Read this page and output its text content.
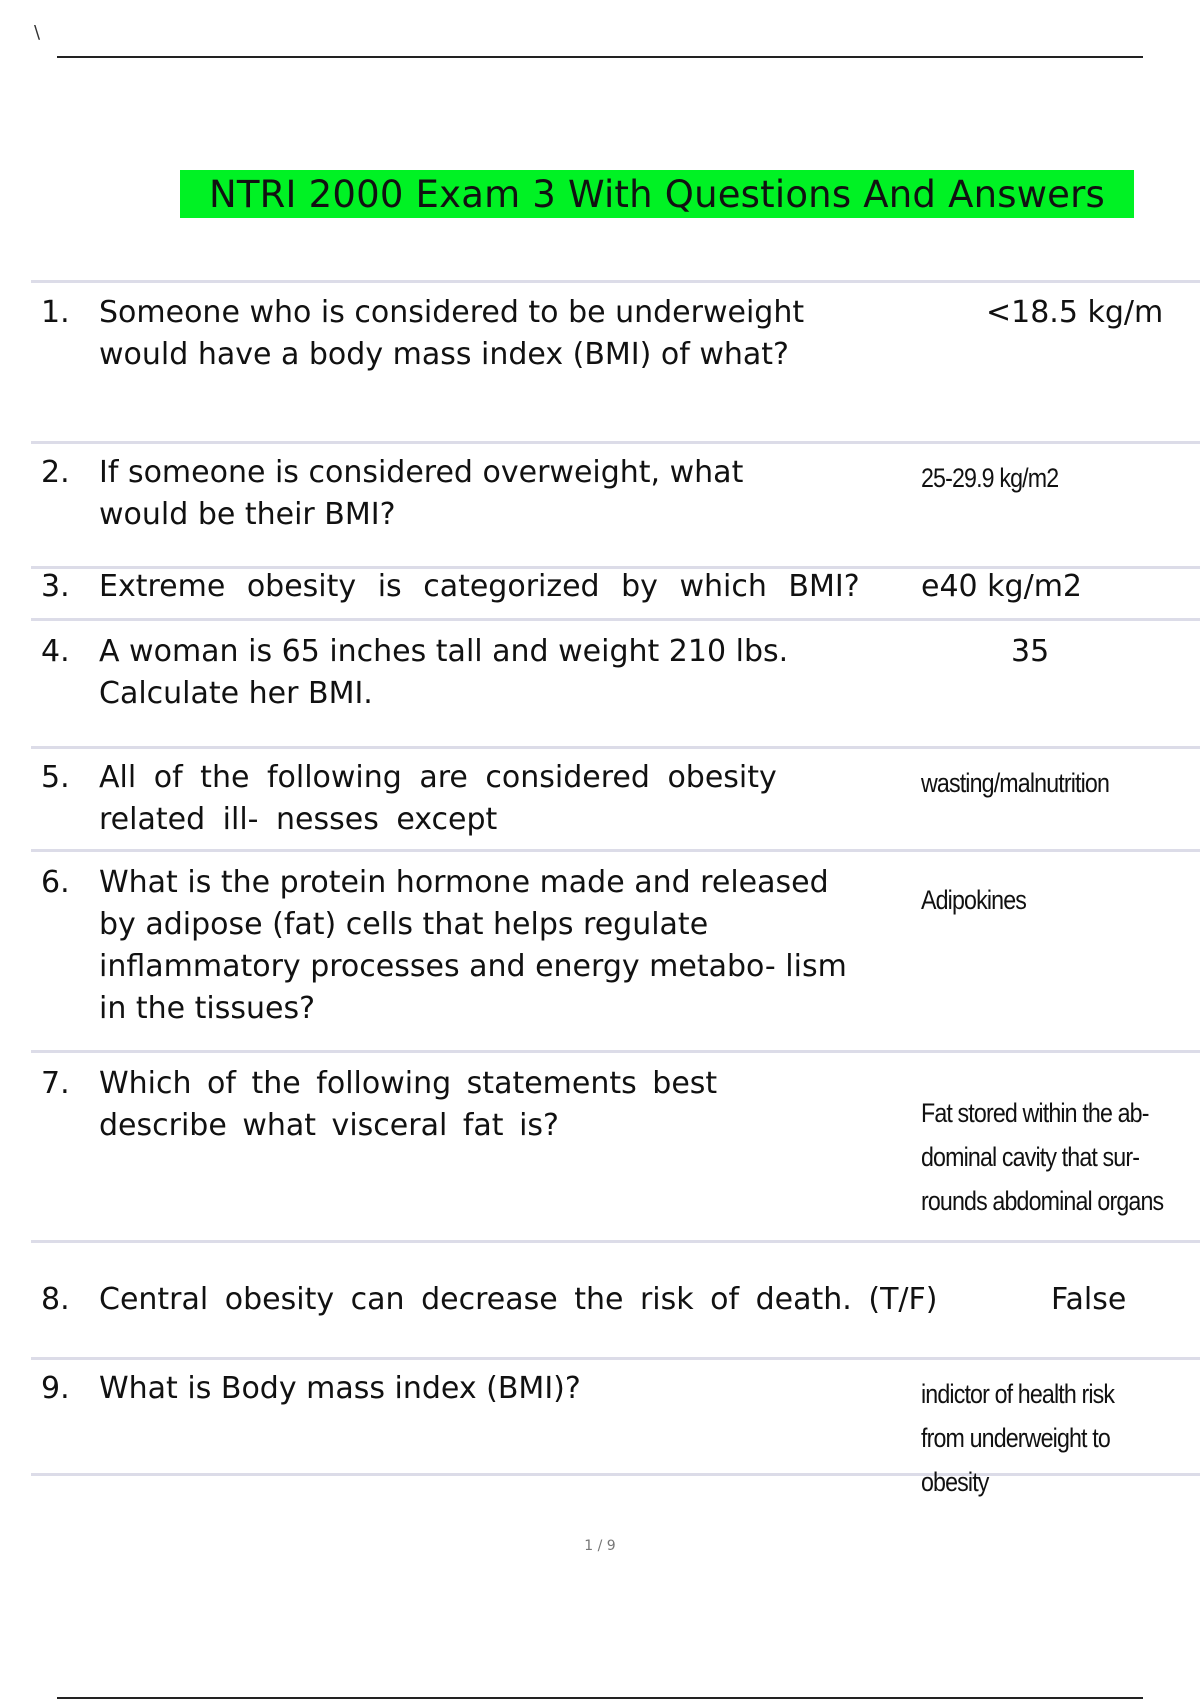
\
NTRI 2000 Exam 3 With Questions And Answers
1. Someone who is considered to be underweight would have a body mass index (BMI) of what?
<18.5 kg/m
2. If someone is considered overweight, what would be their BMI?
25-29.9 kg/m2
3. Extreme obesity is categorized by which BMI?	e40 kg/m2
4. A woman is 65 inches tall and weight 210 lbs. Calculate her BMI.
35
5. All of the following are considered obesity related ill- nesses except
wasting/malnutrition
6. What is the protein hormone made and released by adipose (fat) cells that helps regulate inflammatory processes and energy metabo- lism in the tissues?
Adipokines
7. Which of the following statements best describe what visceral fat is?	Fat stored within the ab- dominal cavity that sur- rounds abdominal organs
8. Central obesity can decrease the risk of death. (T/F)	False
9. What is Body mass index (BMI)?	indictor of health risk from underweight to obesity
1 / 9
